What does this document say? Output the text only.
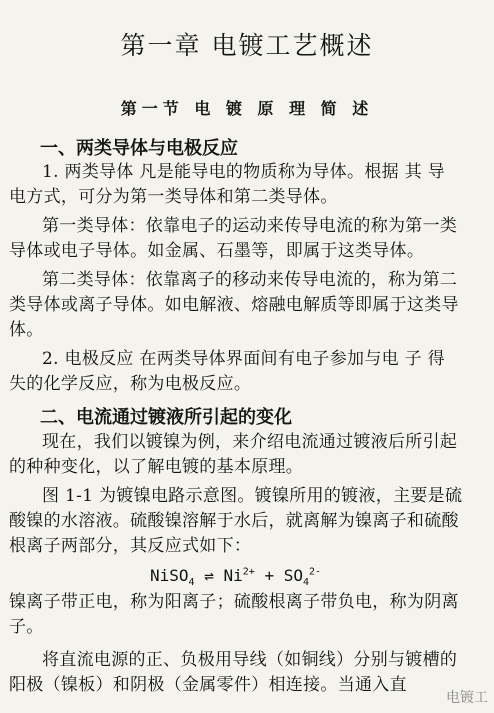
第一章 电镀工艺概述
第一节 电 镀 原 理 简 述
一、两类导体与电极反应
1. 两类导体 凡是能导电的物质称为导体。根据 其 导
电方式，可分为第一类导体和第二类导体。
第一类导体：依靠电子的运动来传导电流的称为第一类
导体或电子导体。如金属、石墨等，即属于这类导体。
第二类导体：依靠离子的移动来传导电流的，称为第二
类导体或离子导体。如电解液、熔融电解质等即属于这类导
体。
2. 电极反应 在两类导体界面间有电子参加与电 子 得
失的化学反应，称为电极反应。
二、电流通过镀液所引起的变化
现在，我们以镀镍为例，来介绍电流通过镀液后所引起
的种种变化，以了解电镀的基本原理。
图 1-1 为镀镍电路示意图。镀镍所用的镀液，主要是硫
酸镍的水溶液。硫酸镍溶解于水后，就离解为镍离子和硫酸
根离子两部分，其反应式如下：
NiSO$_4$ ⇌ $Ni^{2+} + SO_4^{2-}$
镍离子带正电，称为阳离子；硫酸根离子带负电，称为阴离
子。
将直流电源的正、负极用导线（如铜线）分别与镀槽的
阳极（镍板）和阴极（金属零件）相连接。当通入直
电镀工
